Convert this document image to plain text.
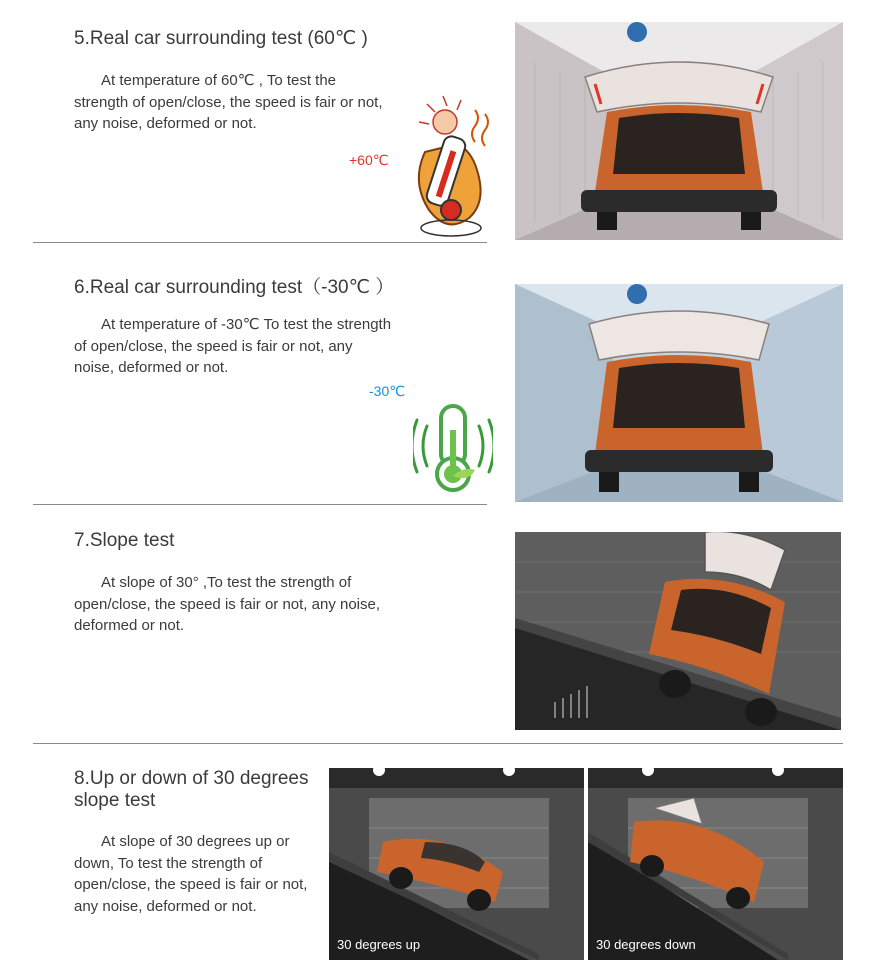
5.Real car surrounding test (60℃ )
At temperature of 60℃ , To test the strength of open/close, the speed is fair or not, any noise, deformed or not.
+60℃
6.Real car surrounding test（-30℃ ）
At temperature of -30℃ To test the strength of open/close, the speed is fair or not, any noise, deformed or not.
-30℃
7.Slope test
At slope of 30° ,To test the strength of open/close, the speed is fair or not, any noise, deformed or not.
8.Up or down of 30 degrees slope test
At slope of 30 degrees up or down, To test the strength of open/close, the speed is fair or not, any noise, deformed or not.
30 degrees up	30 degrees down
